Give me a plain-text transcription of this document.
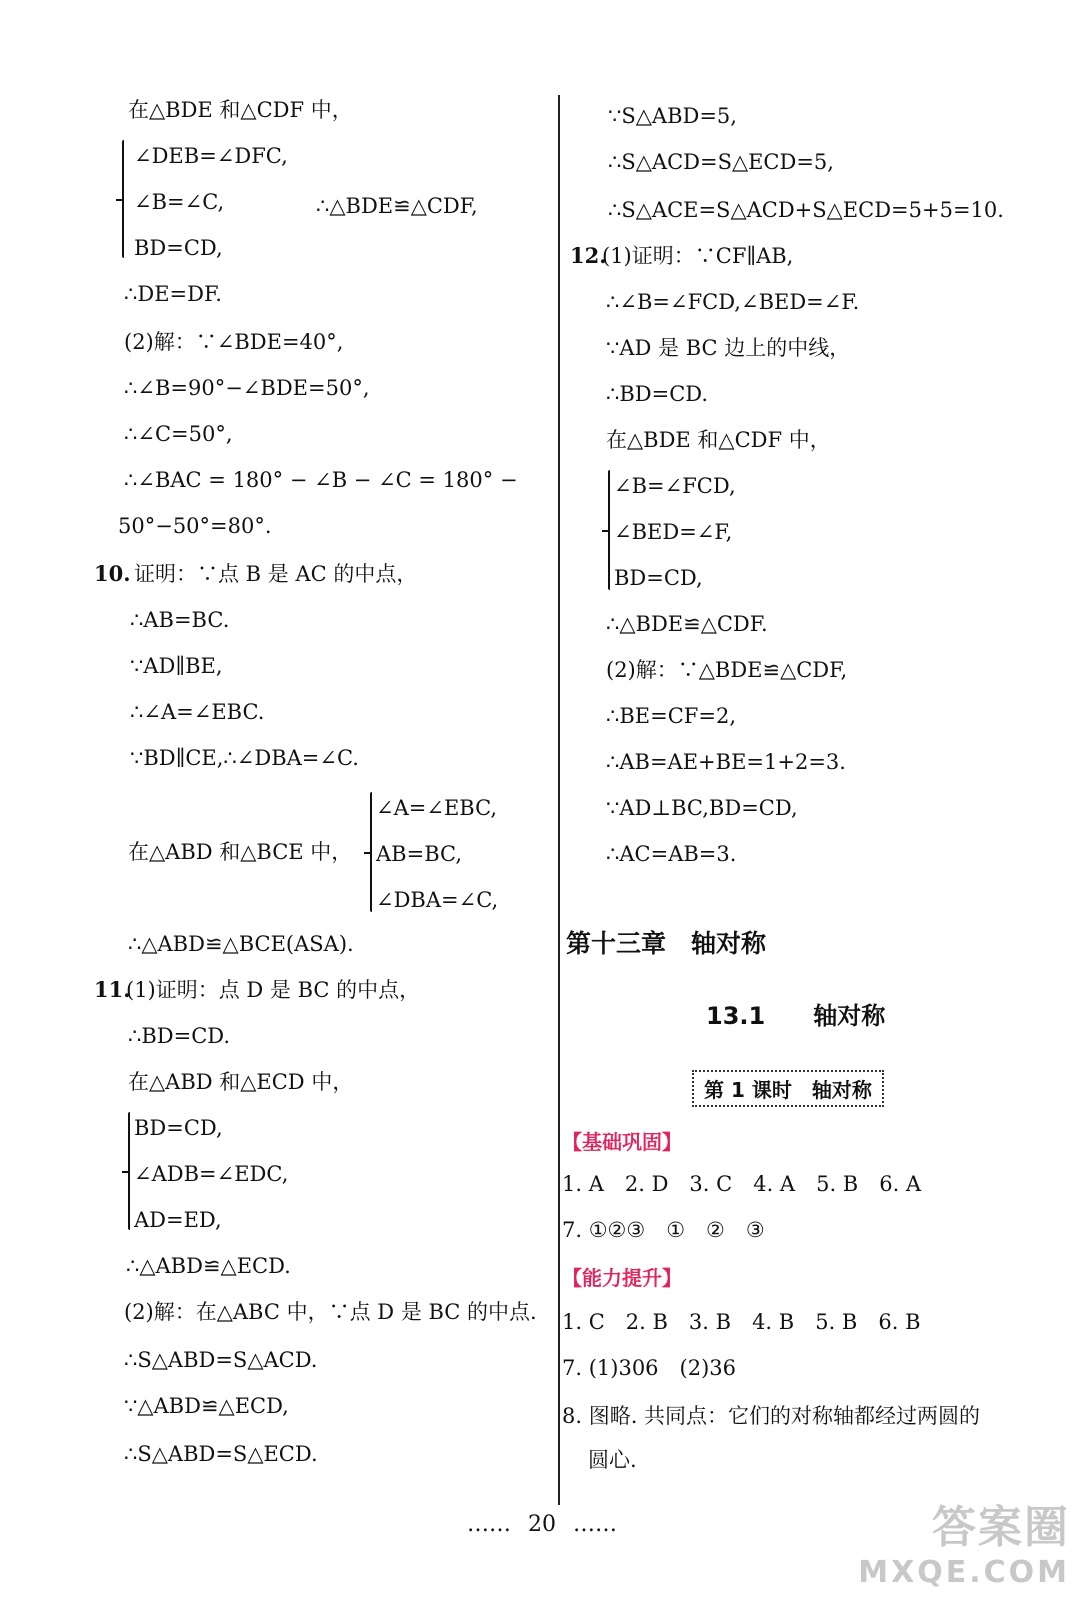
在△BDE 和△CDF 中，
∠DEB=∠DFC,
∠B=∠C,	∴△BDE≌△CDF,
BD=CD,
∴DE=DF.
(2)解：∵∠BDE=40°,
∴∠B=90°−∠BDE=50°,
∴∠C=50°,
∴∠BAC = 180° − ∠B − ∠C = 180° −
50°−50°=80°.
10. 证明：∵点 B 是 AC 的中点，
∴AB=BC.
∵AD∥BE,
∴∠A=∠EBC.
∵BD∥CE,∴∠DBA=∠C.
∠A=∠EBC,
在△ABD 和△BCE 中， AB=BC,
∠DBA=∠C,
∴△ABD≌△BCE(ASA).
11.
(1)证明：点 D 是 BC 的中点，
∴BD=CD.
在△ABD 和△ECD 中，
BD=CD,
∠ADB=∠EDC,
AD=ED,
∴△ABD≌△ECD.
(2)解：在△ABC 中，∵点 D 是 BC 的中点.
∴S△ABD=S△ACD.
∵△ABD≌△ECD,
∴S△ABD=S△ECD.
∵S△ABD=5,
∴S△ACD=S△ECD=5,
∴S△ACE=S△ACD+S△ECD=5+5=10.
12.
(1)证明：∵CF∥AB,
∴∠B=∠FCD,∠BED=∠F.
∵AD 是 BC 边上的中线，
∴BD=CD.
在△BDE 和△CDF 中，
∠B=∠FCD,
∠BED=∠F,
BD=CD,
∴△BDE≌△CDF.
(2)解：∵△BDE≌△CDF,
∴BE=CF=2,
∴AB=AE+BE=1+2=3.
∵AD⊥BC,BD=CD,
∴AC=AB=3.
第十三章　轴对称
13.1　　轴对称
第 1 课时　轴对称
【基础巩固】
1. A　2. D　3. C　4. A　5. B　6. A
7. ①②③　①　②　③
【能力提升】
1. C　2. B　3. B　4. B　5. B　6. B
7. (1)306　(2)36
8. 图略. 共同点：它们的对称轴都经过两圆的
圆心.
…… 20 ……	答案圈
MXQE.COM
